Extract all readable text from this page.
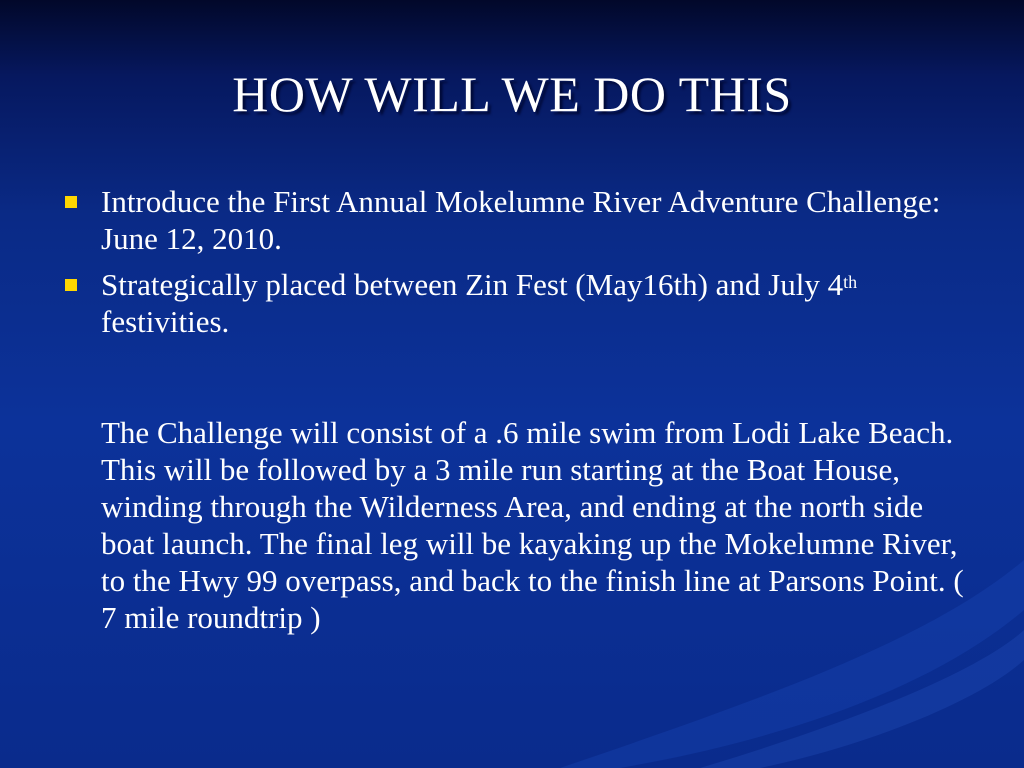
HOW WILL WE DO THIS
Introduce the First Annual Mokelumne River Adventure Challenge: June 12, 2010.
Strategically placed between Zin Fest (May16th) and July 4th festivities.
The Challenge will consist of a .6 mile swim from Lodi Lake Beach. This will be followed by a 3 mile run starting at the Boat House, winding through the Wilderness Area, and ending at the north side boat launch. The final leg will be kayaking up the Mokelumne River, to the Hwy 99 overpass, and back to the finish line at Parsons Point. ( 7 mile roundtrip )
